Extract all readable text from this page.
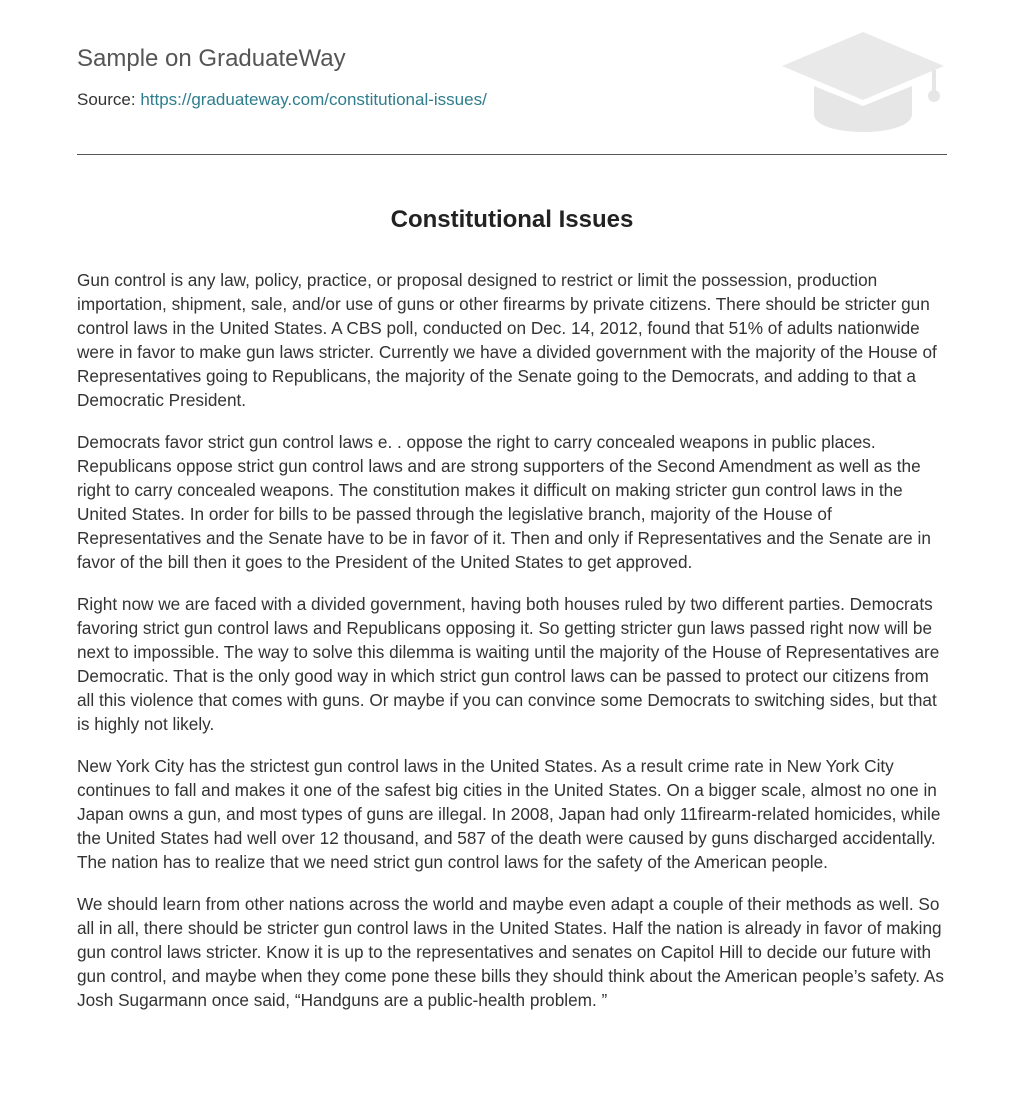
Sample on GraduateWay
Source: https://graduateway.com/constitutional-issues/
Constitutional Issues

Gun control is any law, policy, practice, or proposal designed to restrict or limit the possession, production importation, shipment, sale, and/or use of guns or other firearms by private citizens. There should be stricter gun control laws in the United States. A CBS poll, conducted on Dec. 14, 2012, found that 51% of adults nationwide were in favor to make gun laws stricter. Currently we have a divided government with the majority of the House of Representatives going to Republicans, the majority of the Senate going to the Democrats, and adding to that a Democratic President.

Democrats favor strict gun control laws e. . oppose the right to carry concealed weapons in public places. Republicans oppose strict gun control laws and are strong supporters of the Second Amendment as well as the right to carry concealed weapons. The constitution makes it difficult on making stricter gun control laws in the United States. In order for bills to be passed through the legislative branch, majority of the House of Representatives and the Senate have to be in favor of it. Then and only if Representatives and the Senate are in favor of the bill then it goes to the President of the United States to get approved.

Right now we are faced with a divided government, having both houses ruled by two different parties. Democrats favoring strict gun control laws and Republicans opposing it. So getting stricter gun laws passed right now will be next to impossible. The way to solve this dilemma is waiting until the majority of the House of Representatives are Democratic. That is the only good way in which strict gun control laws can be passed to protect our citizens from all this violence that comes with guns. Or maybe if you can convince some Democrats to switching sides, but that is highly not likely.

New York City has the strictest gun control laws in the United States. As a result crime rate in New York City continues to fall and makes it one of the safest big cities in the United States. On a bigger scale, almost no one in Japan owns a gun, and most types of guns are illegal. In 2008, Japan had only 11firearm-related homicides, while the United States had well over 12 thousand, and 587 of the death were caused by guns discharged accidentally. The nation has to realize that we need strict gun control laws for the safety of the American people.

We should learn from other nations across the world and maybe even adapt a couple of their methods as well. So all in all, there should be stricter gun control laws in the United States. Half the nation is already in favor of making gun control laws stricter. Know it is up to the representatives and senates on Capitol Hill to decide our future with gun control, and maybe when they come pone these bills they should think about the American people’s safety. As Josh Sugarmann once said, “Handguns are a public-health problem. ”
